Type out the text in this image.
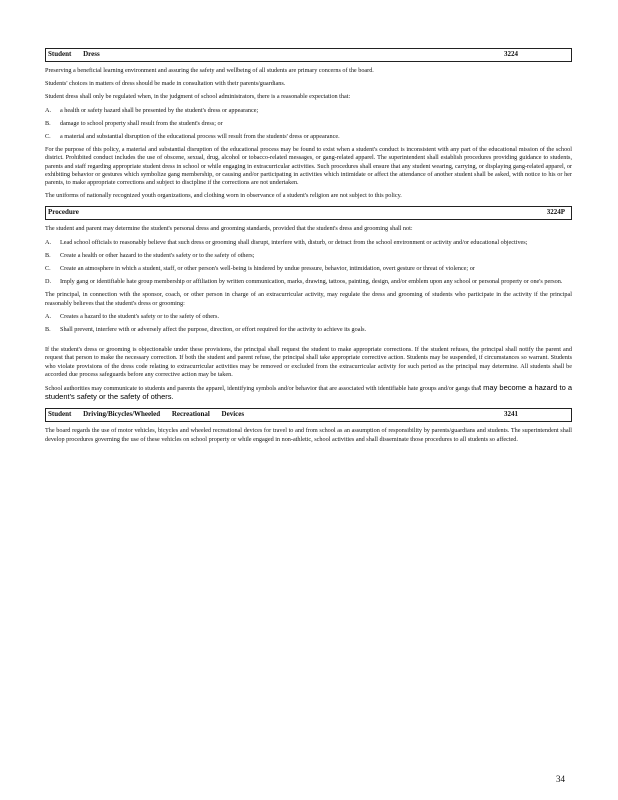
Student Dress	3224

Preserving a beneficial learning environment and assuring the safety and wellbeing of all students are primary concerns of the board.

Students' choices in matters of dress should be made in consultation with their parents/guardians.

Student dress shall only be regulated when, in the judgment of school administrators, there is a reasonable expectation that:

A.	a health or safety hazard shall be presented by the student's dress or appearance;
B.	damage to school property shall result from the student's dress; or
C.	a material and substantial disruption of the educational process will result from the students' dress or appearance.

For the purpose of this policy, a material and substantial disruption of the educational process may be found to exist when a student's conduct is inconsistent with any part of the educational mission of the school district. Prohibited conduct includes the use of obscene, sexual, drug, alcohol or tobacco-related messages, or gang-related apparel. The superintendent shall establish procedures providing guidance to students, parents and staff regarding appropriate student dress in school or while engaging in extracurricular activities. Such procedures shall ensure that any student wearing, carrying, or displaying gang-related apparel, or exhibiting behavior or gestures which symbolize gang membership, or causing and/or participating in activities which intimidate or affect the attendance of another student shall be asked, with notice to his or her parents, to make appropriate corrections and subject to discipline if the corrections are not undertaken.

The uniforms of nationally recognized youth organizations, and clothing worn in observance of a student's religion are not subject to this policy.

Procedure	3224P

The student and parent may determine the student's personal dress and grooming standards, provided that the student's dress and grooming shall not:

A.	Lead school officials to reasonably believe that such dress or grooming shall disrupt, interfere with, disturb, or detract from the school environment or activity and/or educational objectives;
B.	Create a health or other hazard to the student's safety or to the safety of others;
C.	Create an atmosphere in which a student, staff, or other person's well-being is hindered by undue pressure, behavior, intimidation, overt gesture or threat of violence; or
D.	Imply gang or identifiable hate group membership or affiliation by written communication, marks, drawing, tattoos, painting, design, and/or emblem upon any school or personal property or one's person.

The principal, in connection with the sponsor, coach, or other person in charge of an extracurricular activity, may regulate the dress and grooming of students who participate in the activity if the principal reasonably believes that the student's dress or grooming:

A.	Creates a hazard to the student's safety or to the safety of others.
B.	Shall prevent, interfere with or adversely affect the purpose, direction, or effort required for the activity to achieve its goals.

If the student's dress or grooming is objectionable under these provisions, the principal shall request the student to make appropriate corrections. If the student refuses, the principal shall notify the parent and request that person to make the necessary correction. If both the student and parent refuse, the principal shall take appropriate corrective action. Students may be suspended, if circumstances so warrant. Students who violate provisions of the dress code relating to extracurricular activities may be removed or excluded from the extracurricular activity for such period as the principal may determine. All students shall be accorded due process safeguards before any corrective action may be taken.

School authorities may communicate to students and parents the apparel, identifying symbols and/or behavior that are associated with identifiable hate groups and/or gangs that may become a hazard to a student's safety or the safety of others.

Student Driving/Bicycles/Wheeled Recreational Devices	3241

The board regards the use of motor vehicles, bicycles and wheeled recreational devices for travel to and from school as an assumption of responsibility by parents/guardians and students. The superintendent shall develop procedures governing the use of these vehicles on school property or while engaged in non-athletic, school activities and shall disseminate those procedures to all students so affected.

34
